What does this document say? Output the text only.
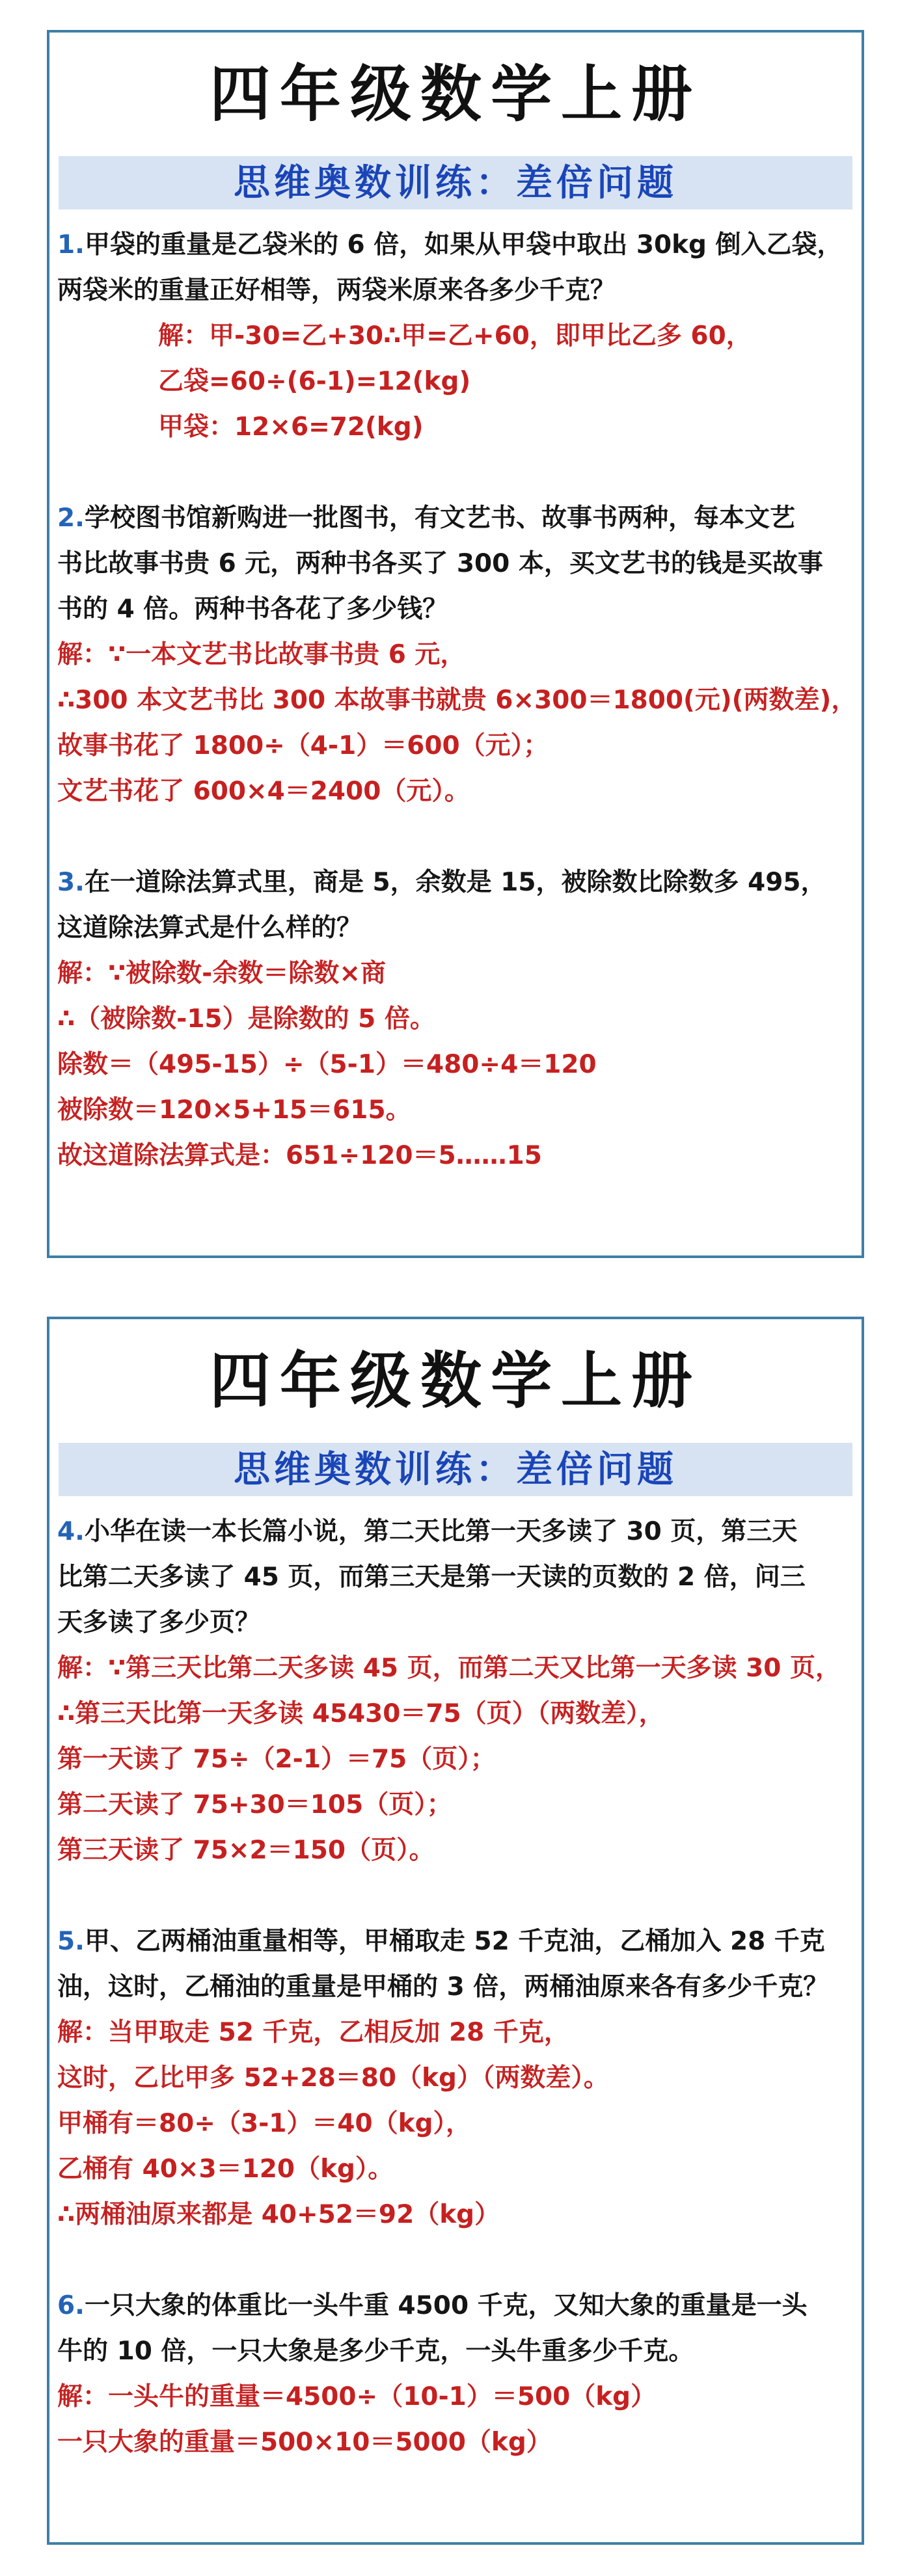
四年级数学上册
思维奥数训练：差倍问题

1.甲袋的重量是乙袋米的 6 倍，如果从甲袋中取出 30kg 倒入乙袋，

两袋米的重量正好相等，两袋米原来各多少千克？

解：甲-30=乙+30∴甲=乙+60，即甲比乙多 60，

乙袋=60÷(6-1)=12(kg)

甲袋：12×6=72(kg)

2.学校图书馆新购进一批图书，有文艺书、故事书两种，每本文艺

书比故事书贵 6 元，两种书各买了 300 本，买文艺书的钱是买故事

书的 4 倍。两种书各花了多少钱？

解：∵一本文艺书比故事书贵 6 元，

∴300 本文艺书比 300 本故事书就贵 6×300＝1800(元)(两数差)，

故事书花了 1800÷（4-1）＝600（元）；

文艺书花了 600×4＝2400（元）。

3.在一道除法算式里，商是 5，余数是 15，被除数比除数多 495，

这道除法算式是什么样的？

解：∵被除数-余数＝除数×商

∴（被除数-15）是除数的 5 倍。

除数＝（495-15）÷（5-1）＝480÷4＝120

被除数＝120×5+15＝615。

故这道除法算式是：651÷120＝5……15

四年级数学上册
思维奥数训练：差倍问题

4.小华在读一本长篇小说，第二天比第一天多读了 30 页，第三天

比第二天多读了 45 页，而第三天是第一天读的页数的 2 倍，问三

天多读了多少页？

解：∵第三天比第二天多读 45 页，而第二天又比第一天多读 30 页，

∴第三天比第一天多读 45430＝75（页）（两数差），

第一天读了 75÷（2-1）＝75（页）；

第二天读了 75+30＝105（页）；

第三天读了 75×2＝150（页）。

5.甲、乙两桶油重量相等，甲桶取走 52 千克油，乙桶加入 28 千克

油，这时，乙桶油的重量是甲桶的 3 倍，两桶油原来各有多少千克？

解：当甲取走 52 千克，乙相反加 28 千克，

这时，乙比甲多 52+28＝80（kg）（两数差）。

甲桶有＝80÷（3-1）＝40（kg），

乙桶有 40×3＝120（kg）。

∴两桶油原来都是 40+52＝92（kg）

6.一只大象的体重比一头牛重 4500 千克，又知大象的重量是一头

牛的 10 倍，一只大象是多少千克，一头牛重多少千克。

解：一头牛的重量＝4500÷（10-1）＝500（kg）

一只大象的重量＝500×10＝5000（kg）
